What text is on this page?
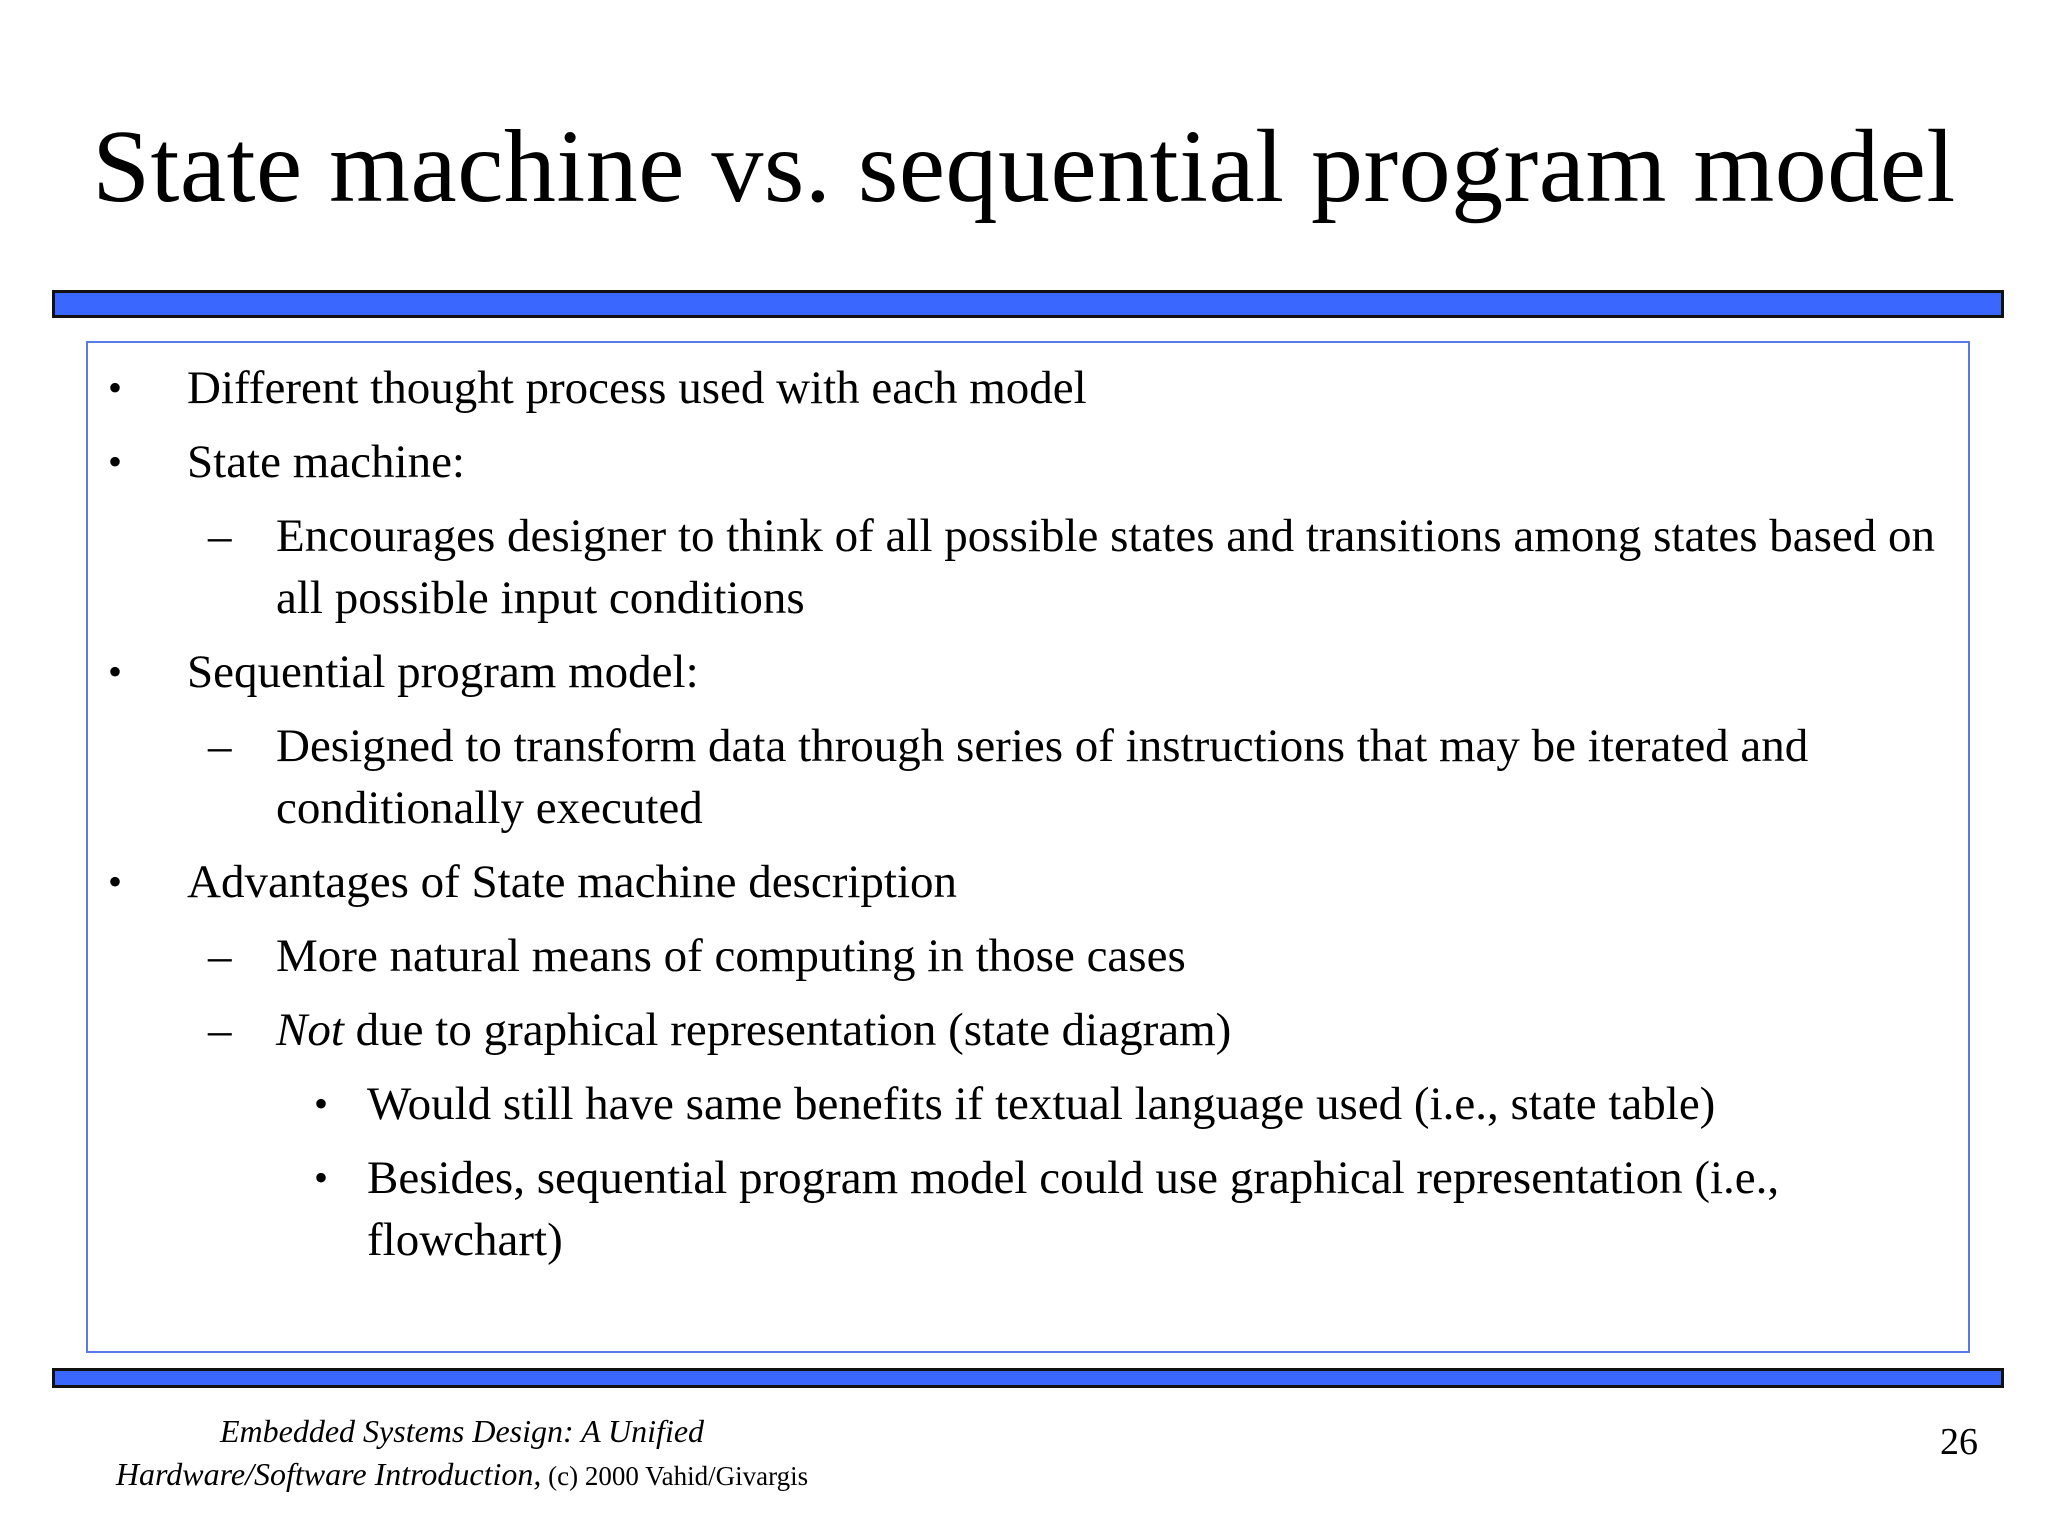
State machine vs. sequential program model
• Different thought process used with each model
• State machine:
– Encourages designer to think of all possible states and transitions among states based on all possible input conditions
• Sequential program model:
– Designed to transform data through series of instructions that may be iterated and conditionally executed
• Advantages of State machine description
– More natural means of computing in those cases
– Not due to graphical representation (state diagram)
• Would still have same benefits if textual language used (i.e., state table)
• Besides, sequential program model could use graphical representation (i.e., flowchart)
Embedded Systems Design: A Unified
Hardware/Software Introduction, (c) 2000 Vahid/Givargis
26
